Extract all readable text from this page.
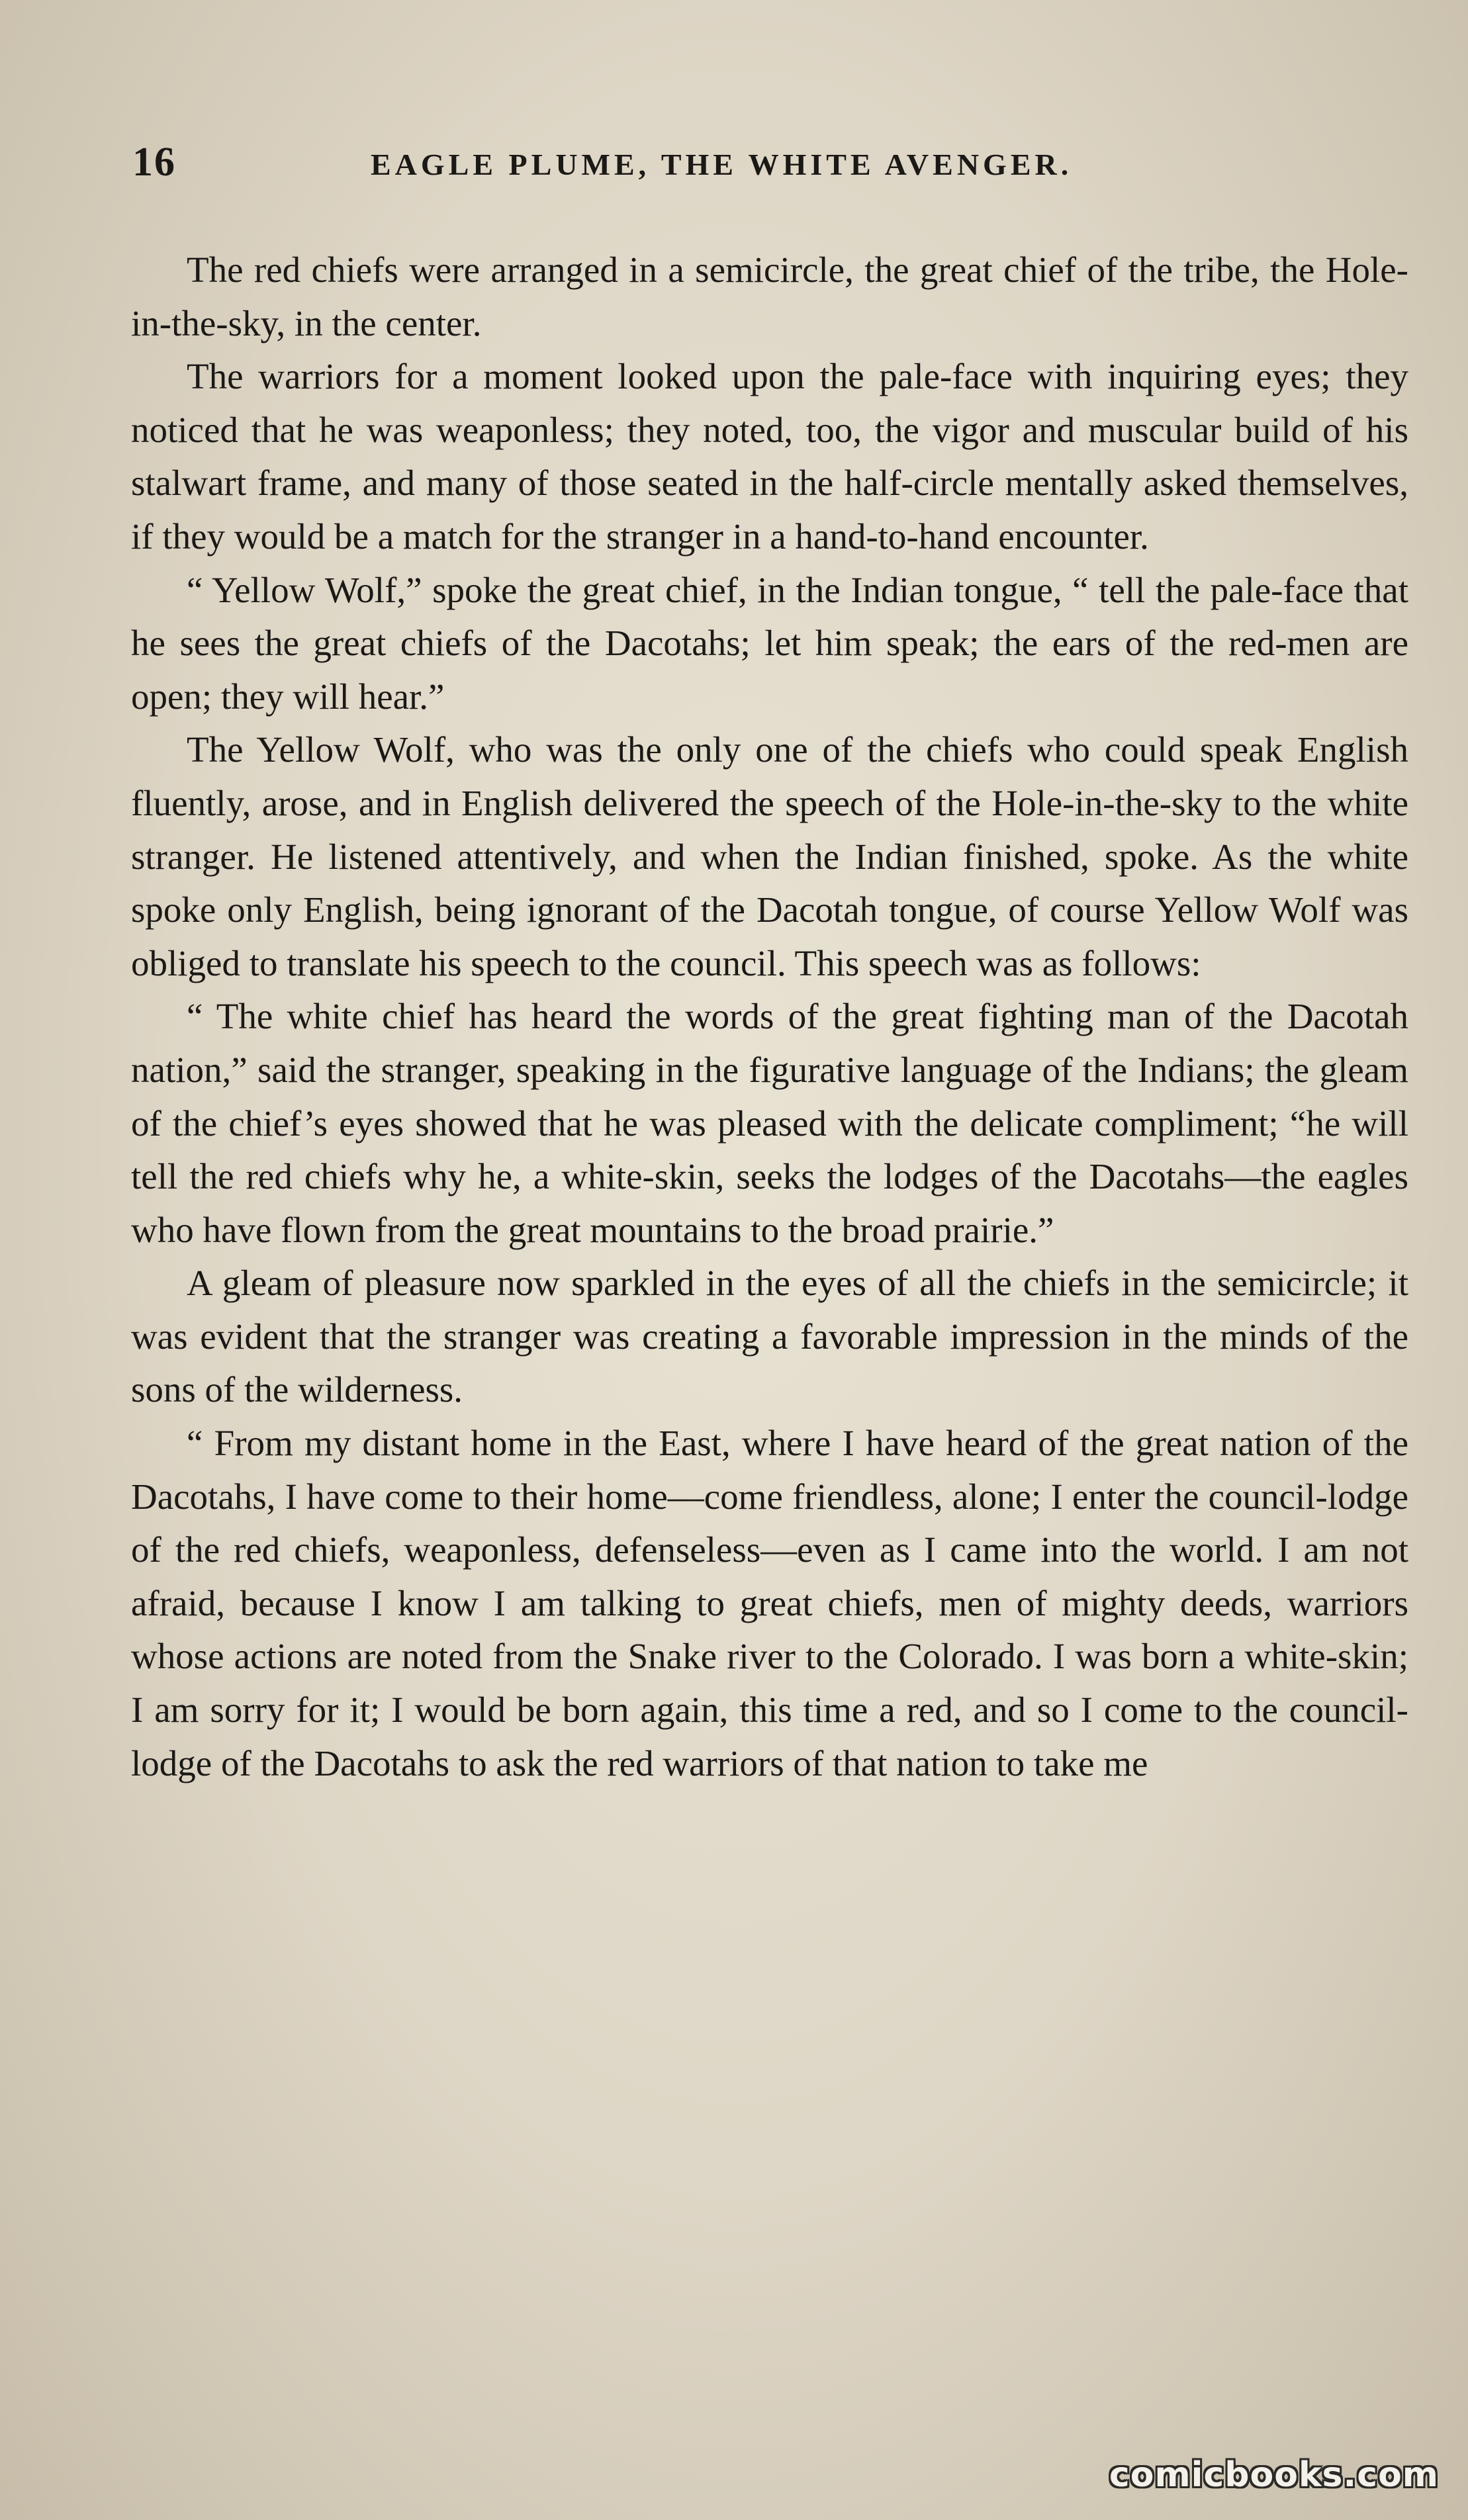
16	EAGLE PLUME, THE WHITE AVENGER.

The red chiefs were arranged in a semicircle, the great chief of the tribe, the Hole-in-the-sky, in the center.

The warriors for a moment looked upon the pale-face with inquiring eyes; they noticed that he was weaponless; they noted, too, the vigor and muscular build of his stalwart frame, and many of those seated in the half-circle mentally asked themselves, if they would be a match for the stranger in a hand-to-hand encounter.

“ Yellow Wolf,” spoke the great chief, in the Indian tongue, “ tell the pale-face that he sees the great chiefs of the Dacotahs; let him speak; the ears of the red-men are open; they will hear.”

The Yellow Wolf, who was the only one of the chiefs who could speak English fluently, arose, and in English delivered the speech of the Hole-in-the-sky to the white stranger. He listened attentively, and when the Indian finished, spoke. As the white spoke only English, being ignorant of the Dacotah tongue, of course Yellow Wolf was obliged to translate his speech to the council. This speech was as follows:

“ The white chief has heard the words of the great fighting man of the Dacotah nation,” said the stranger, speaking in the figurative language of the Indians; the gleam of the chief’s eyes showed that he was pleased with the delicate compliment; “he will tell the red chiefs why he, a white-skin, seeks the lodges of the Dacotahs—the eagles who have flown from the great mountains to the broad prairie.”

A gleam of pleasure now sparkled in the eyes of all the chiefs in the semicircle; it was evident that the stranger was creating a favorable impression in the minds of the sons of the wilderness.

“ From my distant home in the East, where I have heard of the great nation of the Dacotahs, I have come to their home—come friendless, alone; I enter the council-lodge of the red chiefs, weaponless, defenseless—even as I came into the world. I am not afraid, because I know I am talking to great chiefs, men of mighty deeds, warriors whose actions are noted from the Snake river to the Colorado. I was born a white-skin; I am sorry for it; I would be born again, this time a red, and so I come to the council-lodge of the Dacotahs to ask the red warriors of that nation to take me

comicbooks.com
